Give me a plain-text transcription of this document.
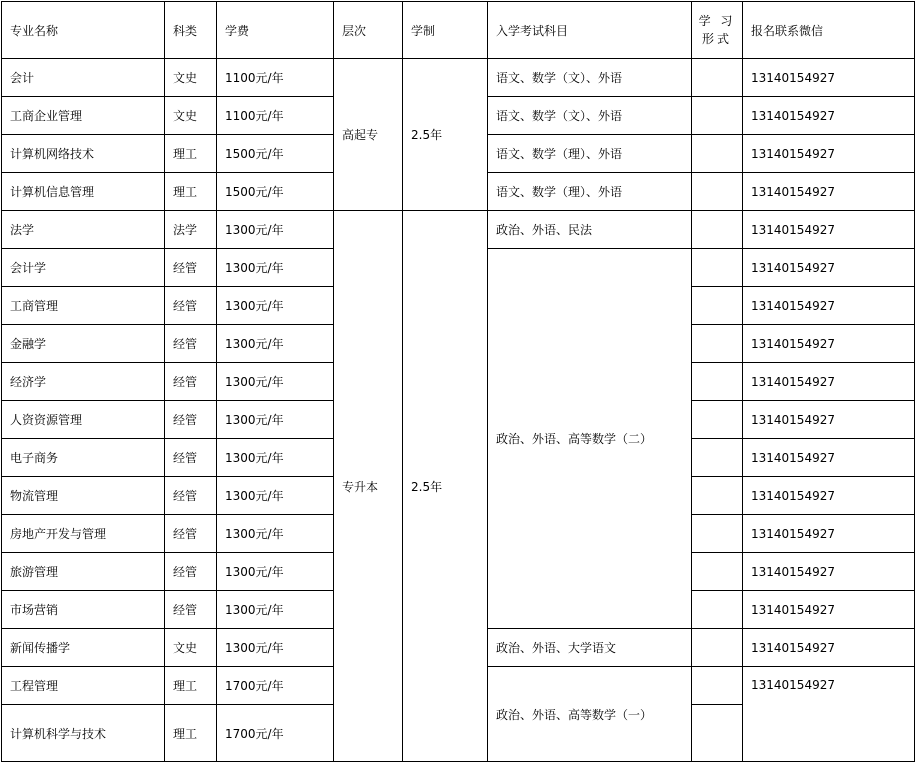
专业名称	科类	学费	层次	学制	入学考试科目	学 习 形式	报名联系微信
会计	文史	1100元/年	高起专	2.5年	语文、数学（文）、外语		13140154927
工商企业管理	文史	1100元/年			语文、数学（文）、外语		13140154927
计算机网络技术	理工	1500元/年			语文、数学（理）、外语		13140154927
计算机信息管理	理工	1500元/年			语文、数学（理）、外语		13140154927
法学	法学	1300元/年	专升本	2.5年	政治、外语、民法		13140154927
会计学	经管	1300元/年			政治、外语、高等数学（二）		13140154927
工商管理	经管	1300元/年					13140154927
金融学	经管	1300元/年					13140154927
经济学	经管	1300元/年					13140154927
人资资源管理	经管	1300元/年					13140154927
电子商务	经管	1300元/年					13140154927
物流管理	经管	1300元/年					13140154927
房地产开发与管理	经管	1300元/年					13140154927
旅游管理	经管	1300元/年					13140154927
市场营销	经管	1300元/年					13140154927
新闻传播学	文史	1300元/年			政治、外语、大学语文		13140154927
工程管理	理工	1700元/年			政治、外语、高等数学（一）		13140154927
计算机科学与技术	理工	1700元/年					
